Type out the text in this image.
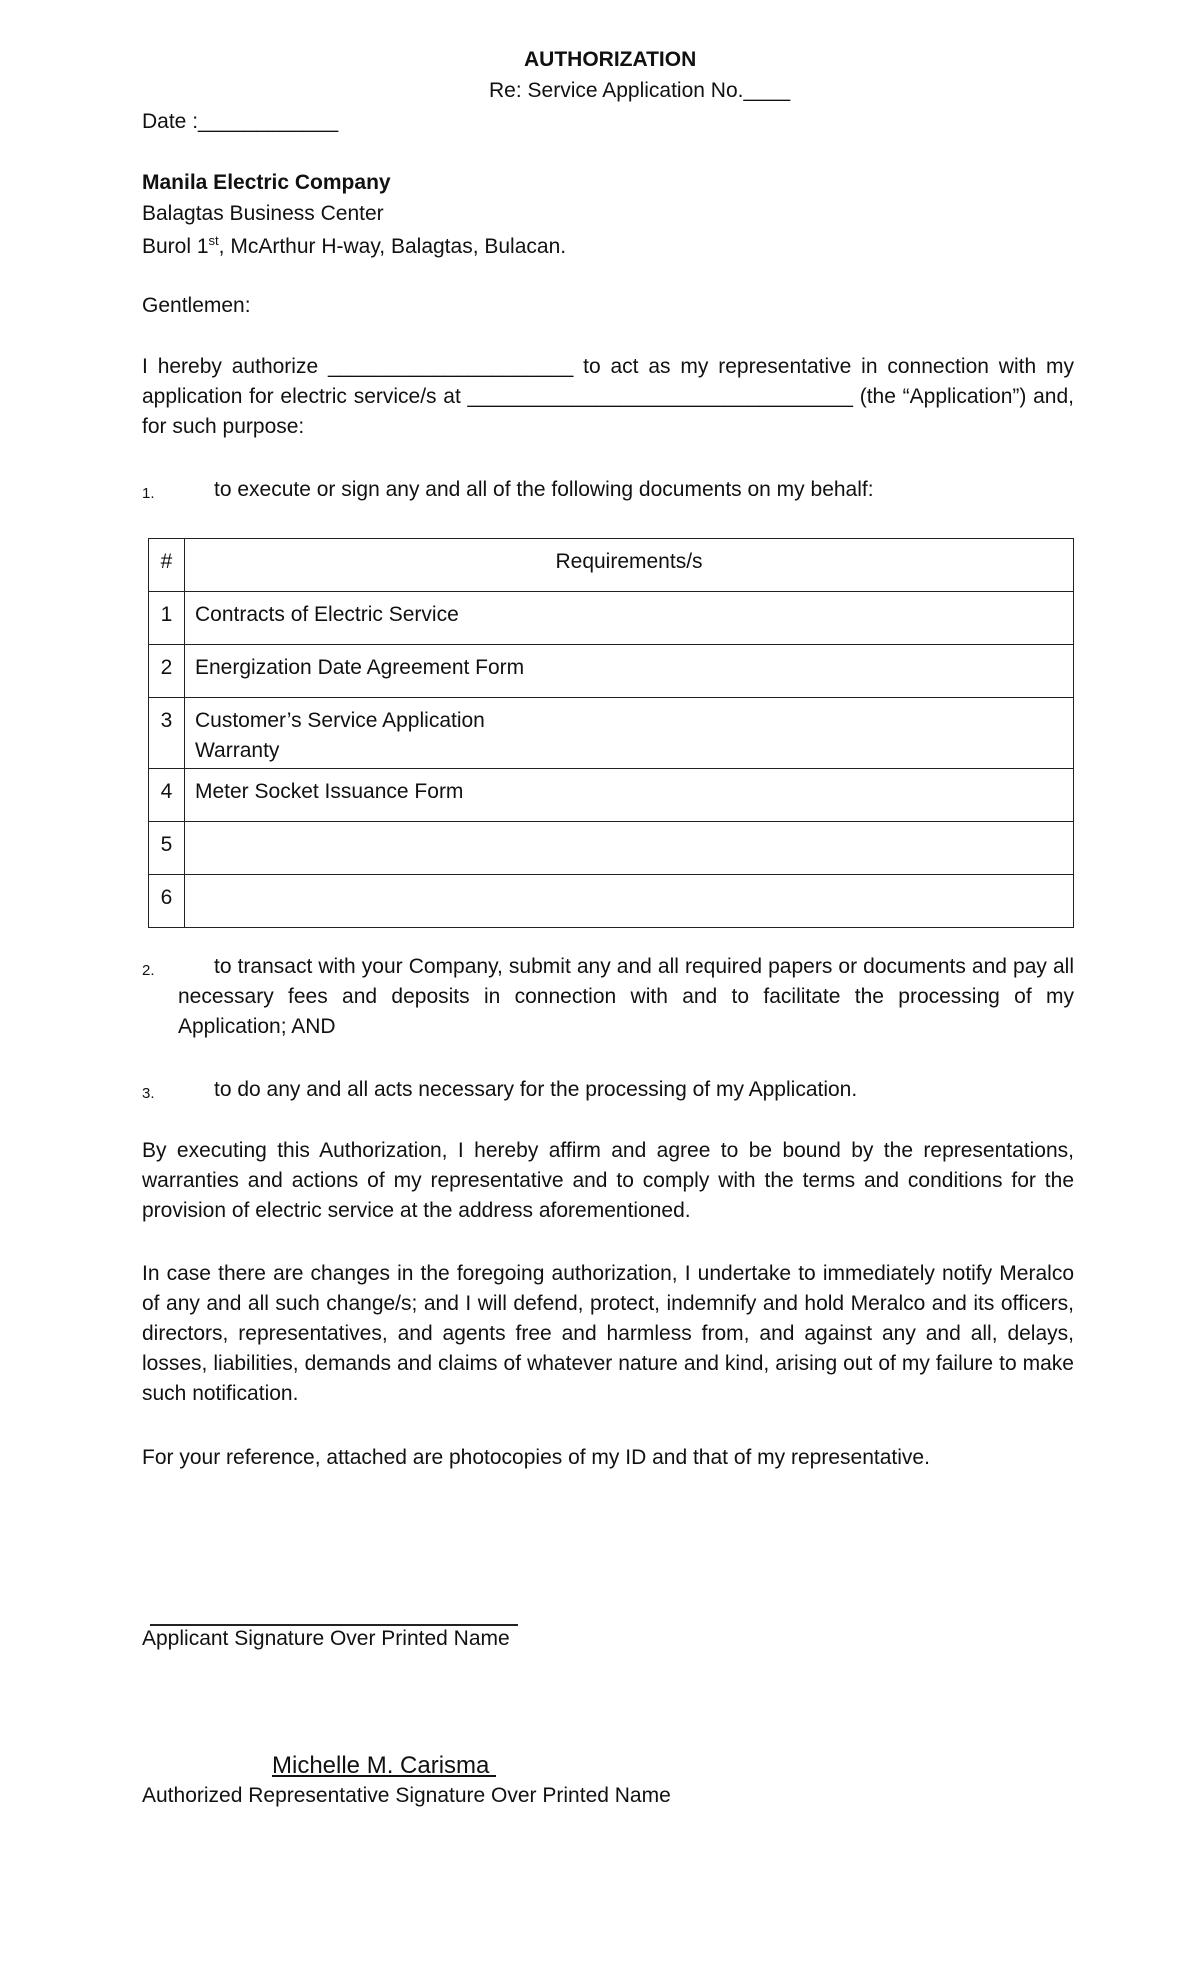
AUTHORIZATION
Re: Service Application No.____
Date :____________
Manila Electric Company
Balagtas Business Center
Burol 1st, McArthur H-way, Balagtas, Bulacan.
Gentlemen:
I hereby authorize _____________________ to act as my representative in connection with my application for electric service/s at _________________________________ (the “Application”) and, for such purpose:
1.	to execute or sign any and all of the following documents on my behalf:
#	Requirements/s
1	Contracts of Electric Service

2	Energization Date Agreement Form

3	Customer’s Service Application
Warranty

4	Meter Socket Issuance Form

5	

6	
2.	to transact with your Company, submit any and all required papers or documents and pay all necessary fees and deposits in connection with and to facilitate the processing of my Application; AND
3.	to do any and all acts necessary for the processing of my Application.
By executing this Authorization, I hereby affirm and agree to be bound by the representations, warranties and actions of my representative and to comply with the terms and conditions for the provision of electric service at the address aforementioned.
In case there are changes in the foregoing authorization, I undertake to immediately notify Meralco of any and all such change/s; and I will defend, protect, indemnify and hold Meralco and its officers, directors, representatives, and agents free and harmless from, and against any and all, delays, losses, liabilities, demands and claims of whatever nature and kind, arising out of my failure to make such notification.
For your reference, attached are photocopies of my ID and that of my representative.
Applicant Signature Over Printed Name
Michelle M. Carisma
Authorized Representative Signature Over Printed Name
